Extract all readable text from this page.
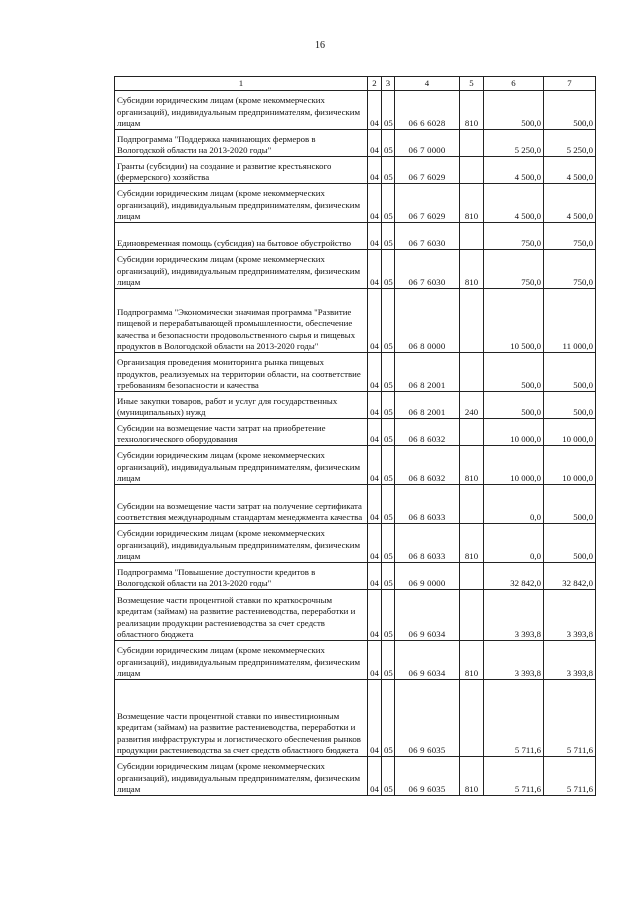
16
1	2	3	4	5	6	7
Субсидии юридическим лицам (кроме некоммерческих организаций), индивидуальным предпринимателям, физическим лицам	04	05	06 6 6028	810	500,0	500,0
Подпрограмма "Поддержка начинающих фермеров в Вологодской области на 2013-2020 годы"	04	05	06 7 0000		5 250,0	5 250,0
Гранты (субсидии) на создание и развитие крестьянского (фермерского) хозяйства	04	05	06 7 6029		4 500,0	4 500,0
Субсидии юридическим лицам (кроме некоммерческих организаций), индивидуальным предпринимателям, физическим лицам	04	05	06 7 6029	810	4 500,0	4 500,0
Единовременная помощь (субсидия) на бытовое обустройство	04	05	06 7 6030		750,0	750,0
Субсидии юридическим лицам (кроме некоммерческих организаций), индивидуальным предпринимателям, физическим лицам	04	05	06 7 6030	810	750,0	750,0
Подпрограмма "Экономически значимая программа "Развитие пищевой и перерабатывающей промышленности, обеспечение качества и безопасности продовольственного сырья и пищевых продуктов в Вологодской области на 2013-2020 годы"	04	05	06 8 0000		10 500,0	11 000,0
Организация проведения мониторинга рынка пищевых продуктов, реализуемых на территории области, на соответствие требованиям безопасности и качества	04	05	06 8 2001		500,0	500,0
Иные закупки товаров, работ и услуг для государственных (муниципальных) нужд	04	05	06 8 2001	240	500,0	500,0
Субсидии на возмещение части затрат на приобретение технологического оборудования	04	05	06 8 6032		10 000,0	10 000,0
Субсидии юридическим лицам (кроме некоммерческих организаций), индивидуальным предпринимателям, физическим лицам	04	05	06 8 6032	810	10 000,0	10 000,0
Субсидии на возмещение части затрат на получение сертификата соответствия международным стандартам менеджмента качества	04	05	06 8 6033		0,0	500,0
Субсидии юридическим лицам (кроме некоммерческих организаций), индивидуальным предпринимателям, физическим лицам	04	05	06 8 6033	810	0,0	500,0
Подпрограмма "Повышение доступности кредитов в Вологодской области на 2013-2020 годы"	04	05	06 9 0000		32 842,0	32 842,0
Возмещение части процентной ставки по краткосрочным кредитам (займам) на развитие растениеводства, переработки и реализации продукции растениеводства за счет средств областного бюджета	04	05	06 9 6034		3 393,8	3 393,8
Субсидии юридическим лицам (кроме некоммерческих организаций), индивидуальным предпринимателям, физическим лицам	04	05	06 9 6034	810	3 393,8	3 393,8
Возмещение части процентной ставки по инвестиционным кредитам (займам) на развитие растениеводства, переработки и развития инфраструктуры и логистического обеспечения рынков продукции растениеводства за счет средств областного бюджета	04	05	06 9 6035		5 711,6	5 711,6
Субсидии юридическим лицам (кроме некоммерческих организаций), индивидуальным предпринимателям, физическим лицам	04	05	06 9 6035	810	5 711,6	5 711,6
